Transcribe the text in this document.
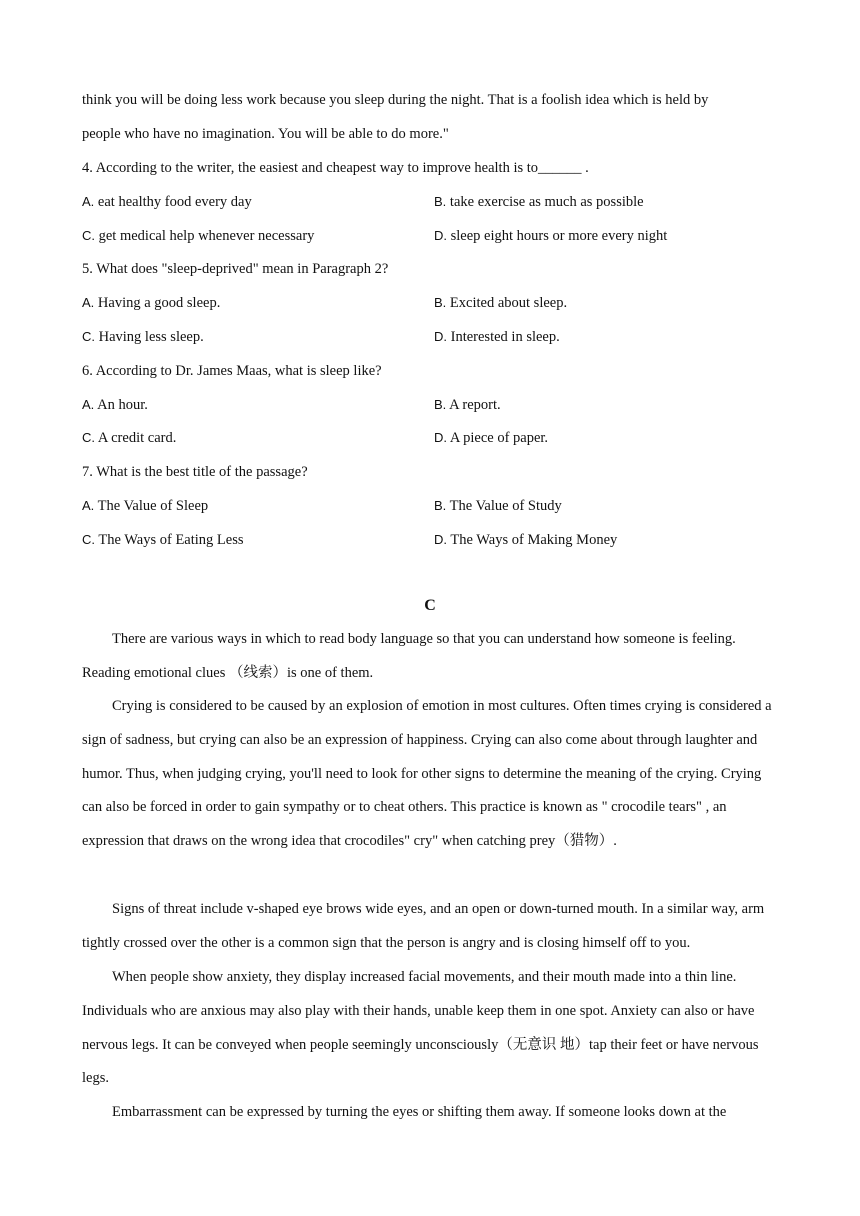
think you will be doing less work because you sleep during the night. That is a foolish idea which is held by
people who have no imagination. You will be able to do more."
4. According to the writer, the easiest and cheapest way to improve health is to______ .
A. eat healthy food every day	B. take exercise as much as possible
C. get medical help whenever necessary	D. sleep eight hours or more every night
5. What does "sleep-deprived" mean in Paragraph 2?
A. Having a good sleep.	B. Excited about sleep.
C. Having less sleep.	D. Interested in sleep.
6. According to Dr. James Maas, what is sleep like?
A. An hour.	B. A report.
C. A credit card.	D. A piece of paper.
7. What is the best title of the passage?
A. The Value of Sleep	B. The Value of Study
C. The Ways of Eating Less	D. The Ways of Making Money
C
There are various ways in which to read body language so that you can understand how someone is feeling. Reading emotional clues （线索）is one of them.
Crying is considered to be caused by an explosion of emotion in most cultures. Often times crying is considered a sign of sadness, but crying can also be an expression of happiness. Crying can also come about through laughter and humor. Thus, when judging crying, you'll need to look for other signs to determine the meaning of the crying. Crying can also be forced in order to gain sympathy or to cheat others. This practice is known as " crocodile tears" , an expression that draws on the wrong idea that crocodiles" cry" when catching prey（猎物）.
Signs of threat include v-shaped eye brows wide eyes, and an open or down-turned mouth. In a similar way, arm tightly crossed over the other is a common sign that the person is angry and is closing himself off to you.
When people show anxiety, they display increased facial movements, and their mouth made into a thin line. Individuals who are anxious may also play with their hands, unable keep them in one spot. Anxiety can also or have nervous legs. It can be conveyed when people seemingly unconsciously（无意识 地）tap their feet or have nervous legs.
Embarrassment can be expressed by turning the eyes or shifting them away. If someone looks down at the
